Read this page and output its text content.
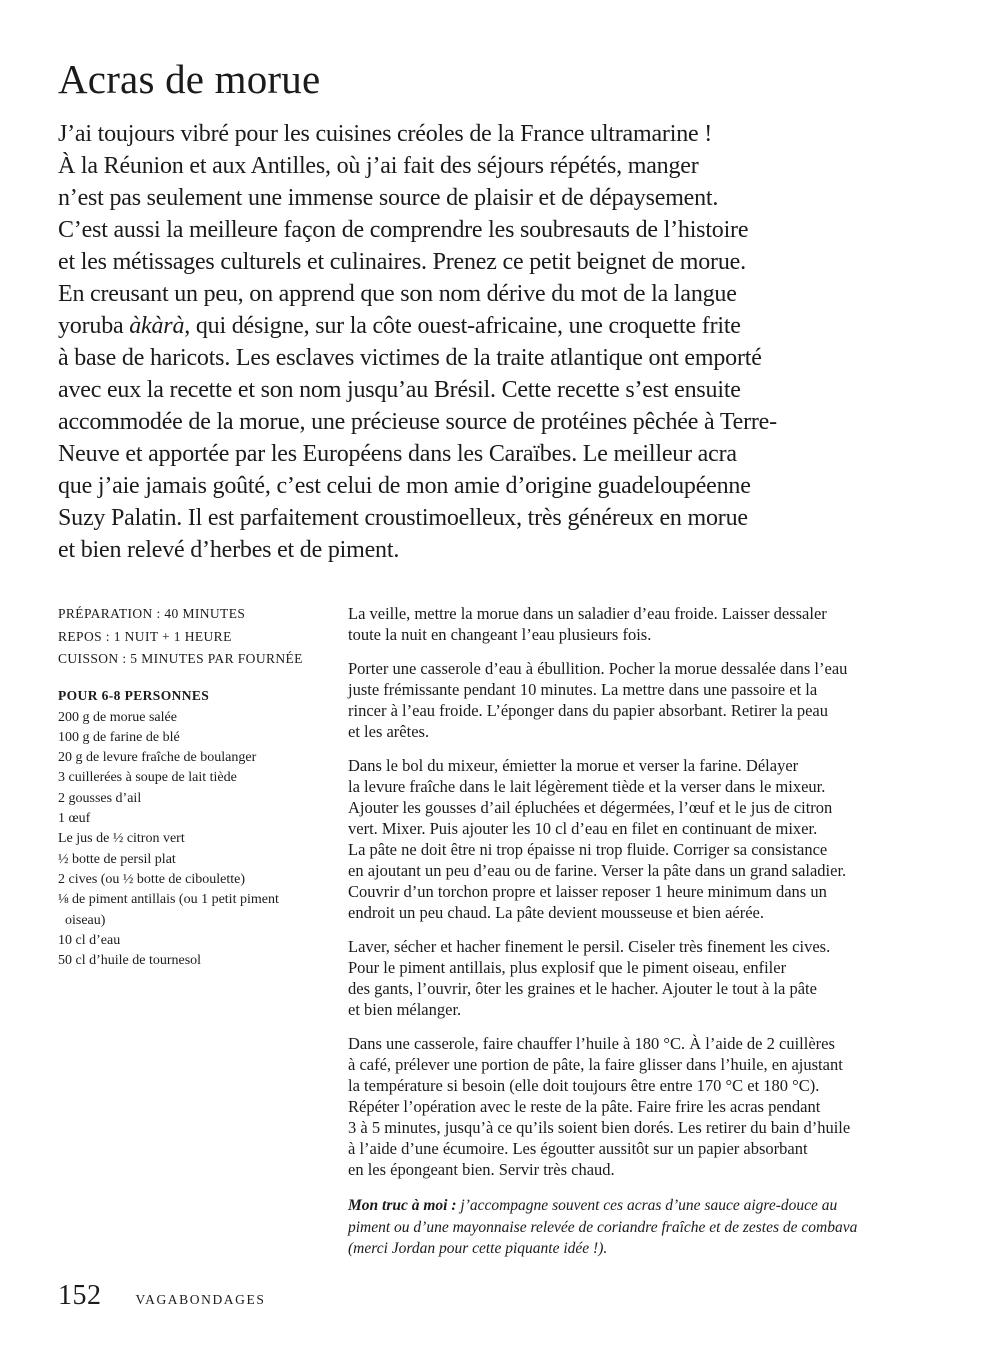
Acras de morue
J’ai toujours vibré pour les cuisines créoles de la France ultramarine !
À la Réunion et aux Antilles, où j’ai fait des séjours répétés, manger
n’est pas seulement une immense source de plaisir et de dépaysement.
C’est aussi la meilleure façon de comprendre les soubresauts de l’histoire
et les métissages culturels et culinaires. Prenez ce petit beignet de morue.
En creusant un peu, on apprend que son nom dérive du mot de la langue
yoruba àkàrà, qui désigne, sur la côte ouest-africaine, une croquette frite
à base de haricots. Les esclaves victimes de la traite atlantique ont emporté
avec eux la recette et son nom jusqu’au Brésil. Cette recette s’est ensuite
accommodée de la morue, une précieuse source de protéines pêchée à Terre-
Neuve et apportée par les Européens dans les Caraïbes. Le meilleur acra
que j’aie jamais goûté, c’est celui de mon amie d’origine guadeloupéenne
Suzy Palatin. Il est parfaitement croustimoelleux, très généreux en morue
et bien relevé d’herbes et de piment.
PRÉPARATION : 40 MINUTES
REPOS : 1 NUIT + 1 HEURE
CUISSON : 5 MINUTES PAR FOURNÉE
POUR 6-8 PERSONNES
200 g de morue salée
100 g de farine de blé
20 g de levure fraîche de boulanger
3 cuillerées à soupe de lait tiède
2 gousses d’ail
1 œuf
Le jus de ½ citron vert
½ botte de persil plat
2 cives (ou ½ botte de ciboulette)
⅛ de piment antillais (ou 1 petit piment
oiseau)
10 cl d’eau
50 cl d’huile de tournesol
La veille, mettre la morue dans un saladier d’eau froide. Laisser dessaler
toute la nuit en changeant l’eau plusieurs fois.
Porter une casserole d’eau à ébullition. Pocher la morue dessalée dans l’eau
juste frémissante pendant 10 minutes. La mettre dans une passoire et la
rincer à l’eau froide. L’éponger dans du papier absorbant. Retirer la peau
et les arêtes.
Dans le bol du mixeur, émietter la morue et verser la farine. Délayer
la levure fraîche dans le lait légèrement tiède et la verser dans le mixeur.
Ajouter les gousses d’ail épluchées et dégermées, l’œuf et le jus de citron
vert. Mixer. Puis ajouter les 10 cl d’eau en filet en continuant de mixer.
La pâte ne doit être ni trop épaisse ni trop fluide. Corriger sa consistance
en ajoutant un peu d’eau ou de farine. Verser la pâte dans un grand saladier.
Couvrir d’un torchon propre et laisser reposer 1 heure minimum dans un
endroit un peu chaud. La pâte devient mousseuse et bien aérée.
Laver, sécher et hacher finement le persil. Ciseler très finement les cives.
Pour le piment antillais, plus explosif que le piment oiseau, enfiler
des gants, l’ouvrir, ôter les graines et le hacher. Ajouter le tout à la pâte
et bien mélanger.
Dans une casserole, faire chauffer l’huile à 180 °C. À l’aide de 2 cuillères
à café, prélever une portion de pâte, la faire glisser dans l’huile, en ajustant
la température si besoin (elle doit toujours être entre 170 °C et 180 °C).
Répéter l’opération avec le reste de la pâte. Faire frire les acras pendant
3 à 5 minutes, jusqu’à ce qu’ils soient bien dorés. Les retirer du bain d’huile
à l’aide d’une écumoire. Les égoutter aussitôt sur un papier absorbant
en les épongeant bien. Servir très chaud.
Mon truc à moi : j’accompagne souvent ces acras d’une sauce aigre-douce au
piment ou d’une mayonnaise relevée de coriandre fraîche et de zestes de combava
(merci Jordan pour cette piquante idée !).
152	VAGABONDAGES
